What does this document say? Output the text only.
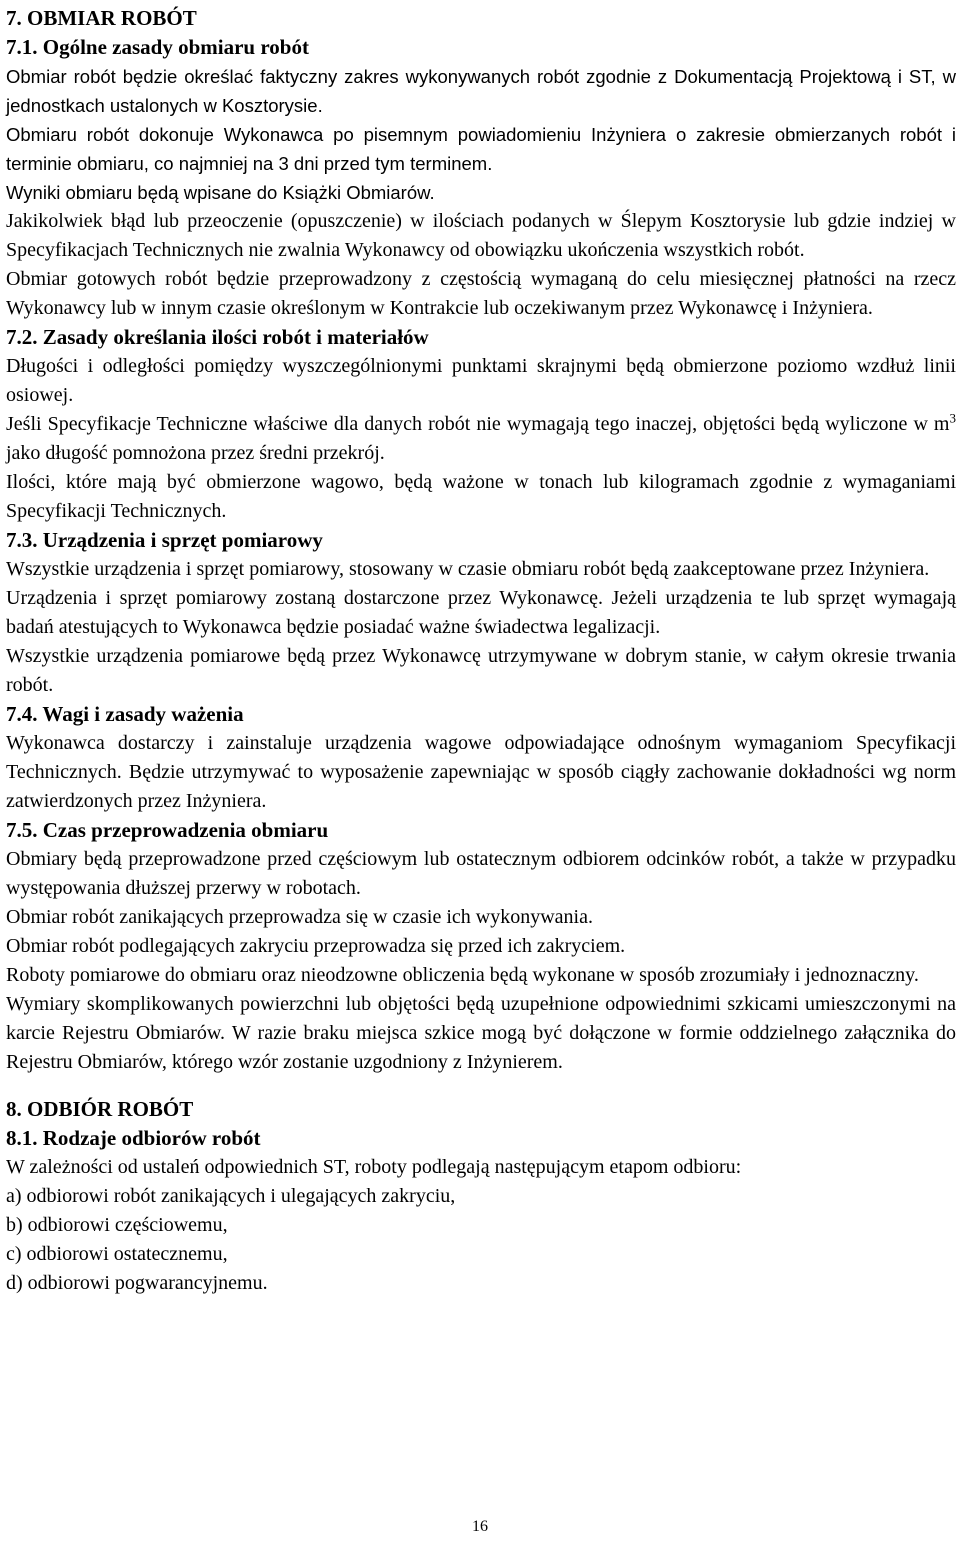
7. OBMIAR ROBÓT

7.1. Ogólne zasady obmiaru robót

Obmiar robót będzie określać faktyczny zakres wykonywanych robót zgodnie z Dokumentacją Projektową i ST, w jednostkach ustalonych w Kosztorysie.

Obmiaru robót dokonuje Wykonawca po pisemnym powiadomieniu Inżyniera o zakresie obmierzanych robót i terminie obmiaru, co najmniej na 3 dni przed tym terminem.

Wyniki obmiaru będą wpisane do Książki Obmiarów.

Jakikolwiek błąd lub przeoczenie (opuszczenie) w ilościach podanych w Ślepym Kosztorysie lub gdzie indziej w Specyfikacjach Technicznych nie zwalnia Wykonawcy od obowiązku ukończenia wszystkich robót.

Obmiar gotowych robót będzie przeprowadzony z częstością wymaganą do celu miesięcznej płatności na rzecz Wykonawcy lub w innym czasie określonym w Kontrakcie lub oczekiwanym przez Wykonawcę i Inżyniera.

7.2. Zasady określania ilości robót i materiałów

Długości i odległości pomiędzy wyszczególnionymi punktami skrajnymi będą obmierzone poziomo wzdłuż linii osiowej.

Jeśli Specyfikacje Techniczne właściwe dla danych robót nie wymagają tego inaczej, objętości będą wyliczone w $m^3$ jako długość pomnożona przez średni przekrój.

Ilości, które mają być obmierzone wagowo, będą ważone w tonach lub kilogramach zgodnie z wymaganiami Specyfikacji Technicznych.

7.3. Urządzenia i sprzęt pomiarowy

Wszystkie urządzenia i sprzęt pomiarowy, stosowany w czasie obmiaru robót będą zaakceptowane przez Inżyniera.

Urządzenia i sprzęt pomiarowy zostaną dostarczone przez Wykonawcę. Jeżeli urządzenia te lub sprzęt wymagają badań atestujących to Wykonawca będzie posiadać ważne świadectwa legalizacji.

Wszystkie urządzenia pomiarowe będą przez Wykonawcę utrzymywane w dobrym stanie, w całym okresie trwania robót.

7.4. Wagi i zasady ważenia

Wykonawca dostarczy i zainstaluje urządzenia wagowe odpowiadające odnośnym wymaganiom Specyfikacji Technicznych. Będzie utrzymywać to wyposażenie zapewniając w sposób ciągły zachowanie dokładności wg norm zatwierdzonych przez Inżyniera.

7.5. Czas przeprowadzenia obmiaru

Obmiary będą przeprowadzone przed częściowym lub ostatecznym odbiorem odcinków robót, a także w przypadku występowania dłuższej przerwy w robotach.

Obmiar robót zanikających przeprowadza się w czasie ich wykonywania.

Obmiar robót podlegających zakryciu przeprowadza się przed ich zakryciem.

Roboty pomiarowe do obmiaru oraz nieodzowne obliczenia będą wykonane w sposób zrozumiały i jednoznaczny.

Wymiary skomplikowanych powierzchni lub objętości będą uzupełnione odpowiednimi szkicami umieszczonymi na karcie Rejestru Obmiarów. W razie braku miejsca szkice mogą być dołączone w formie oddzielnego załącznika do Rejestru Obmiarów, którego wzór zostanie uzgodniony z Inżynierem.

8. ODBIÓR ROBÓT

8.1. Rodzaje odbiorów robót

W zależności od ustaleń odpowiednich ST, roboty podlegają następującym etapom odbioru:

a) odbiorowi robót zanikających i ulegających zakryciu,

b) odbiorowi częściowemu,

c) odbiorowi ostatecznemu,

d) odbiorowi pogwarancyjnemu.

16
